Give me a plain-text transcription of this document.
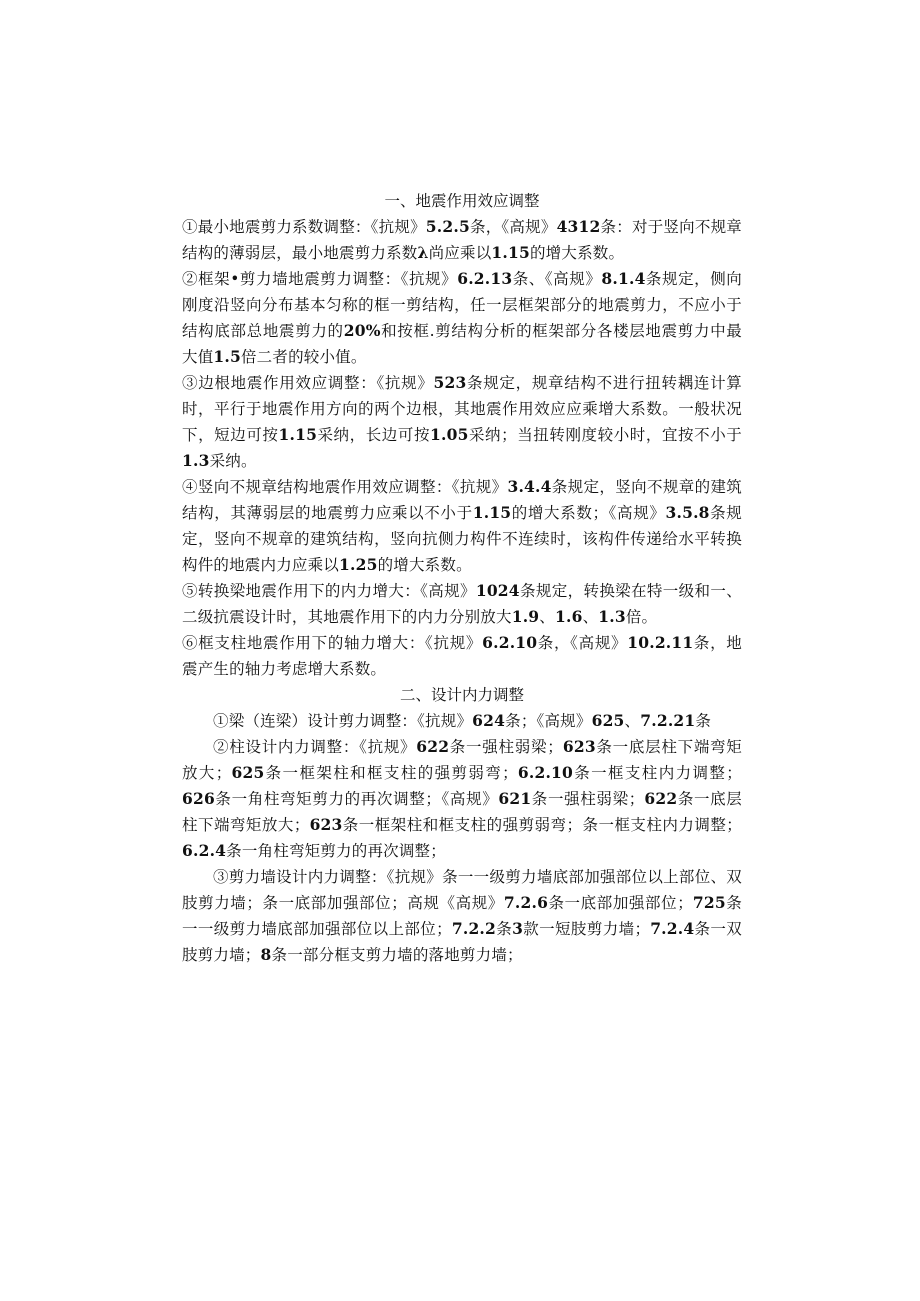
一、地震作用效应调整

①最小地震剪力系数调整：《抗规》5.2.5条，《高规》4312条：对于竖向不规章结构的薄弱层，最小地震剪力系数λ尚应乘以1.15的增大系数。

②框架•剪力墙地震剪力调整：《抗规》6.2.13条、《高规》8.1.4条规定，侧向刚度沿竖向分布基本匀称的框一剪结构，任一层框架部分的地震剪力，不应小于结构底部总地震剪力的20%和按框.剪结构分析的框架部分各楼层地震剪力中最大值1.5倍二者的较小值。

③边根地震作用效应调整：《抗规》523条规定，规章结构不进行扭转耦连计算时，平行于地震作用方向的两个边根，其地震作用效应应乘增大系数。一般状况下，短边可按1.15采纳，长边可按1.05采纳；当扭转刚度较小时，宜按不小于1.3采纳。

④竖向不规章结构地震作用效应调整：《抗规》3.4.4条规定，竖向不规章的建筑结构，其薄弱层的地震剪力应乘以不小于1.15的增大系数；《高规》3.5.8条规定，竖向不规章的建筑结构，竖向抗侧力构件不连续时，该构件传递给水平转换构件的地震内力应乘以1.25的增大系数。

⑤转换梁地震作用下的内力增大：《高规》1024条规定，转换梁在特一级和一、二级抗震设计时，其地震作用下的内力分别放大1.9、1.6、1.3倍。

⑥框支柱地震作用下的轴力增大：《抗规》6.2.10条，《高规》10.2.11条，地震产生的轴力考虑增大系数。

二、设计内力调整

①梁（连梁）设计剪力调整：《抗规》624条；《高规》625、7.2.21条

②柱设计内力调整：《抗规》622条一强柱弱梁；623条一底层柱下端弯矩放大；625条一框架柱和框支柱的强剪弱弯；6.2.10条一框支柱内力调整；626条一角柱弯矩剪力的再次调整；《高规》621条一强柱弱梁；622条一底层柱下端弯矩放大；623条一框架柱和框支柱的强剪弱弯；条一框支柱内力调整；6.2.4条一角柱弯矩剪力的再次调整；

③剪力墙设计内力调整：《抗规》条一一级剪力墙底部加强部位以上部位、双肢剪力墙；条一底部加强部位；高规《高规》7.2.6条一底部加强部位；725条一一级剪力墙底部加强部位以上部位；7.2.2条3款一短肢剪力墙；7.2.4条一双肢剪力墙；8条一部分框支剪力墙的落地剪力墙；
